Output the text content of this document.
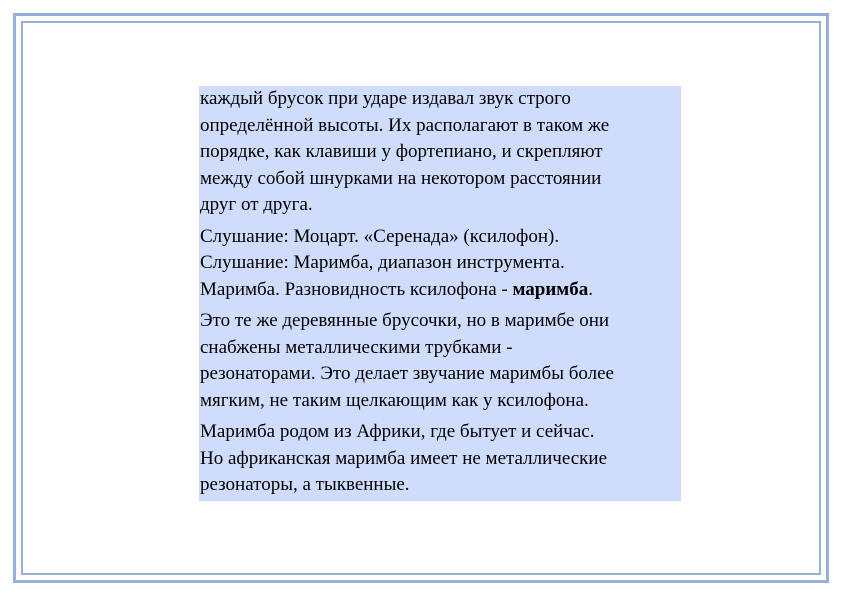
каждый брусок при ударе издавал звук строго
определённой высоты. Их располагают в таком же
порядке, как клавиши у фортепиано, и скрепляют
между собой шнурками на некотором расстоянии
друг от друга.

Слушание: Моцарт. «Серенада» (ксилофон).
Слушание: Маримба, диапазон инструмента.
Маримба. Разновидность ксилофона - маримба.

Это те же деревянные брусочки, но в маримбе они
снабжены металлическими трубками -
резонаторами. Это делает звучание маримбы более
мягким, не таким щелкающим как у ксилофона.

Маримба родом из Африки, где бытует и сейчас.
Но африканская маримба имеет не металлические
резонаторы, а тыквенные.
